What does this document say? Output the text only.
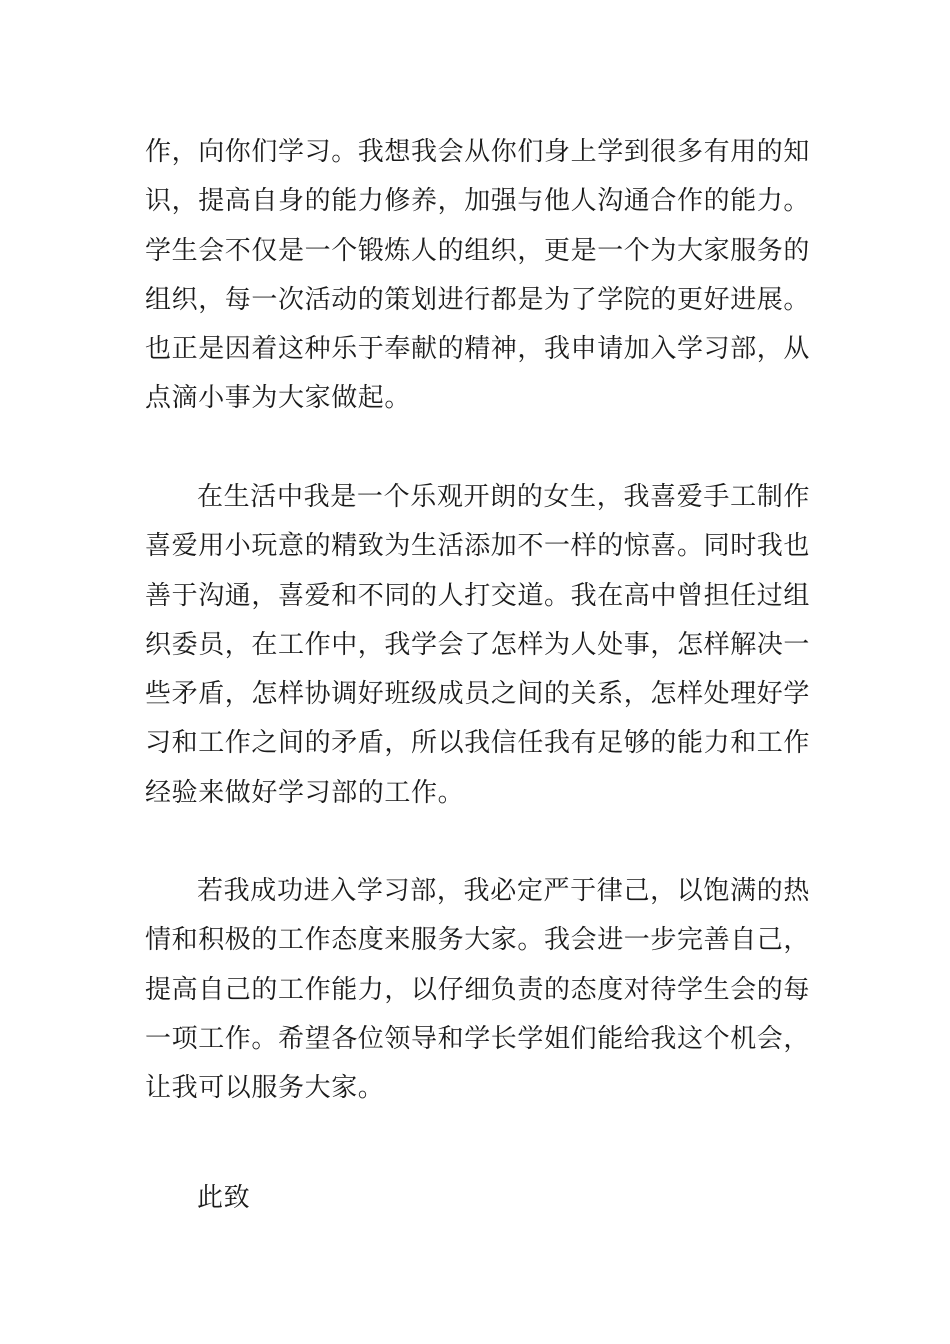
作，向你们学习。我想我会从你们身上学到很多有用的知识，提高自身的能力修养，加强与他人沟通合作的能力。学生会不仅是一个锻炼人的组织，更是一个为大家服务的组织，每一次活动的策划进行都是为了学院的更好进展。也正是因着这种乐于奉献的精神，我申请加入学习部，从点滴小事为大家做起。

在生活中我是一个乐观开朗的女生，我喜爱手工制作喜爱用小玩意的精致为生活添加不一样的惊喜。同时我也善于沟通，喜爱和不同的人打交道。我在高中曾担任过组织委员，在工作中，我学会了怎样为人处事，怎样解决一些矛盾，怎样协调好班级成员之间的关系，怎样处理好学习和工作之间的矛盾，所以我信任我有足够的能力和工作经验来做好学习部的工作。

若我成功进入学习部，我必定严于律己，以饱满的热情和积极的工作态度来服务大家。我会进一步完善自己，提高自己的工作能力，以仔细负责的态度对待学生会的每一项工作。希望各位领导和学长学姐们能给我这个机会，让我可以服务大家。

此致
